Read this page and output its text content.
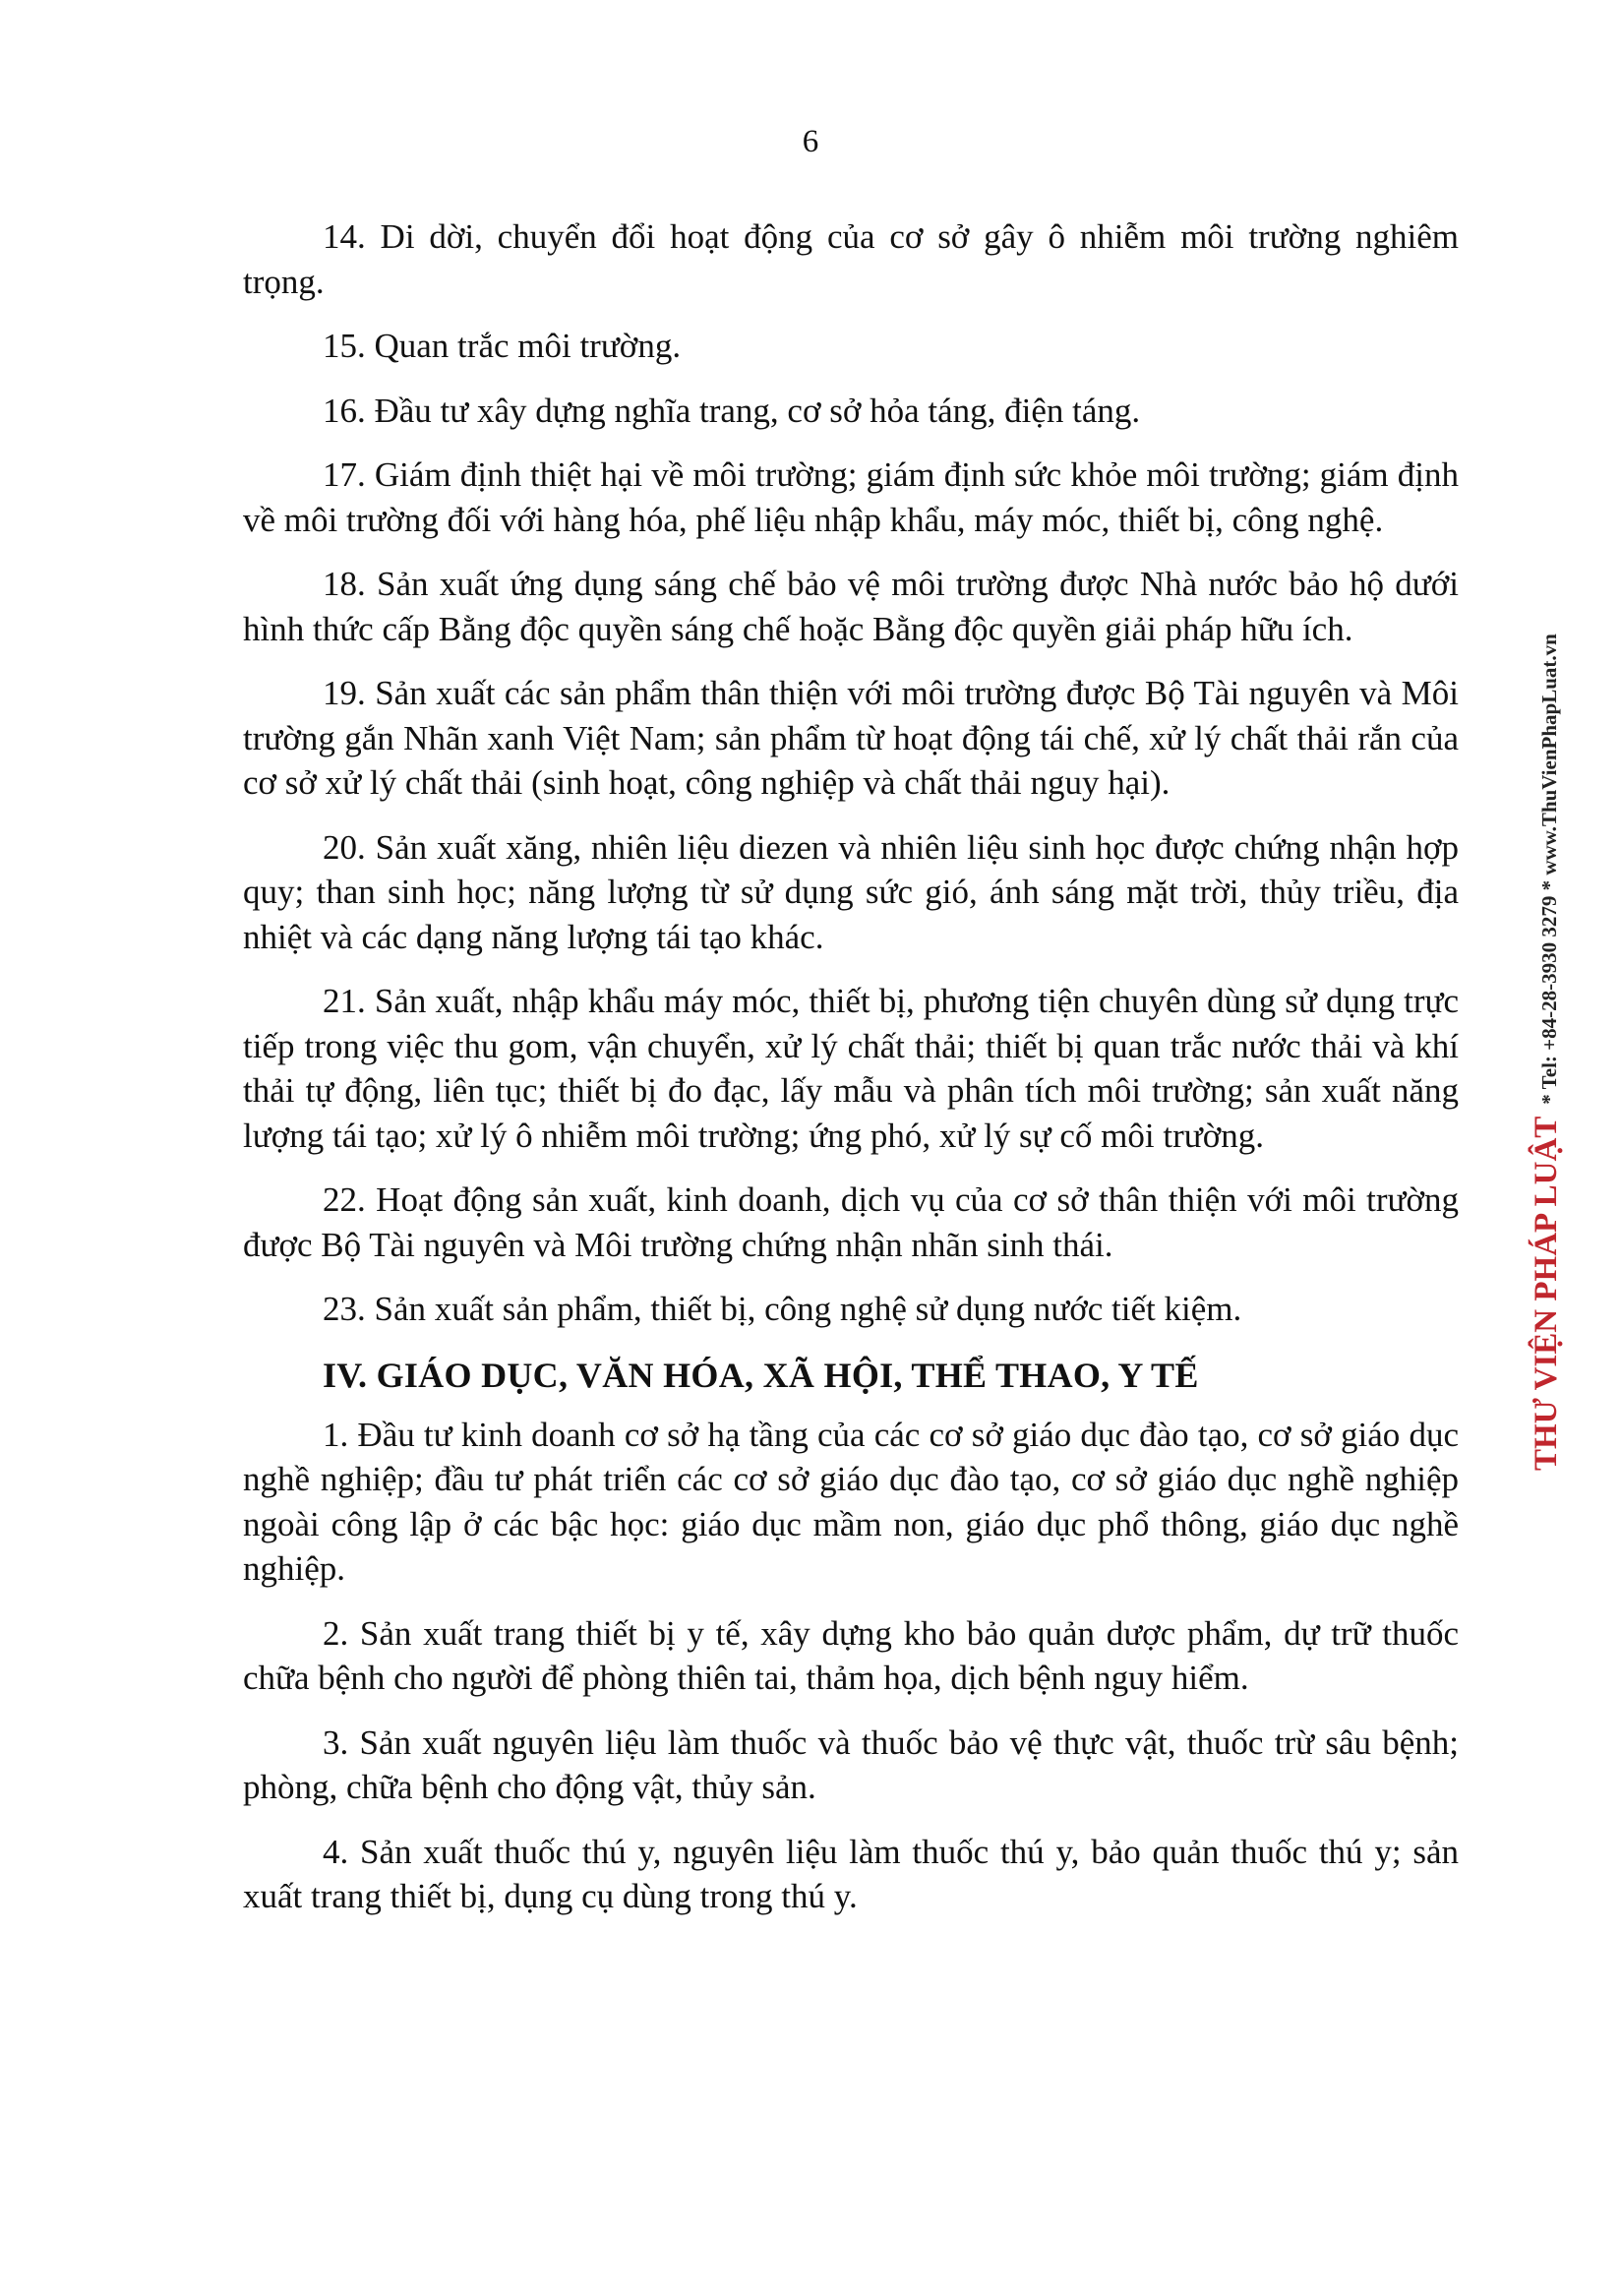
6

14. Di dời, chuyển đổi hoạt động của cơ sở gây ô nhiễm môi trường nghiêm trọng.

15. Quan trắc môi trường.

16. Đầu tư xây dựng nghĩa trang, cơ sở hỏa táng, điện táng.

17. Giám định thiệt hại về môi trường; giám định sức khỏe môi trường; giám định về môi trường đối với hàng hóa, phế liệu nhập khẩu, máy móc, thiết bị, công nghệ.

18. Sản xuất ứng dụng sáng chế bảo vệ môi trường được Nhà nước bảo hộ dưới hình thức cấp Bằng độc quyền sáng chế hoặc Bằng độc quyền giải pháp hữu ích.

19. Sản xuất các sản phẩm thân thiện với môi trường được Bộ Tài nguyên và Môi trường gắn Nhãn xanh Việt Nam; sản phẩm từ hoạt động tái chế, xử lý chất thải rắn của cơ sở xử lý chất thải (sinh hoạt, công nghiệp và chất thải nguy hại).

20. Sản xuất xăng, nhiên liệu diezen và nhiên liệu sinh học được chứng nhận hợp quy; than sinh học; năng lượng từ sử dụng sức gió, ánh sáng mặt trời, thủy triều, địa nhiệt và các dạng năng lượng tái tạo khác.

21. Sản xuất, nhập khẩu máy móc, thiết bị, phương tiện chuyên dùng sử dụng trực tiếp trong việc thu gom, vận chuyển, xử lý chất thải; thiết bị quan trắc nước thải và khí thải tự động, liên tục; thiết bị đo đạc, lấy mẫu và phân tích môi trường; sản xuất năng lượng tái tạo; xử lý ô nhiễm môi trường; ứng phó, xử lý sự cố môi trường.

22. Hoạt động sản xuất, kinh doanh, dịch vụ của cơ sở thân thiện với môi trường được Bộ Tài nguyên và Môi trường chứng nhận nhãn sinh thái.

23. Sản xuất sản phẩm, thiết bị, công nghệ sử dụng nước tiết kiệm.

IV. GIÁO DỤC, VĂN HÓA, XÃ HỘI, THỂ THAO, Y TẾ

1. Đầu tư kinh doanh cơ sở hạ tầng của các cơ sở giáo dục đào tạo, cơ sở giáo dục nghề nghiệp; đầu tư phát triển các cơ sở giáo dục đào tạo, cơ sở giáo dục nghề nghiệp ngoài công lập ở các bậc học: giáo dục mầm non, giáo dục phổ thông, giáo dục nghề nghiệp.

2. Sản xuất trang thiết bị y tế, xây dựng kho bảo quản dược phẩm, dự trữ thuốc chữa bệnh cho người để phòng thiên tai, thảm họa, dịch bệnh nguy hiểm.

3. Sản xuất nguyên liệu làm thuốc và thuốc bảo vệ thực vật, thuốc trừ sâu bệnh; phòng, chữa bệnh cho động vật, thủy sản.

4. Sản xuất thuốc thú y, nguyên liệu làm thuốc thú y, bảo quản thuốc thú y; sản xuất trang thiết bị, dụng cụ dùng trong thú y.

THƯ VIỆN PHÁP LUẬT * Tel: +84-28-3930 3279 * www.ThuVienPhapLuat.vn
